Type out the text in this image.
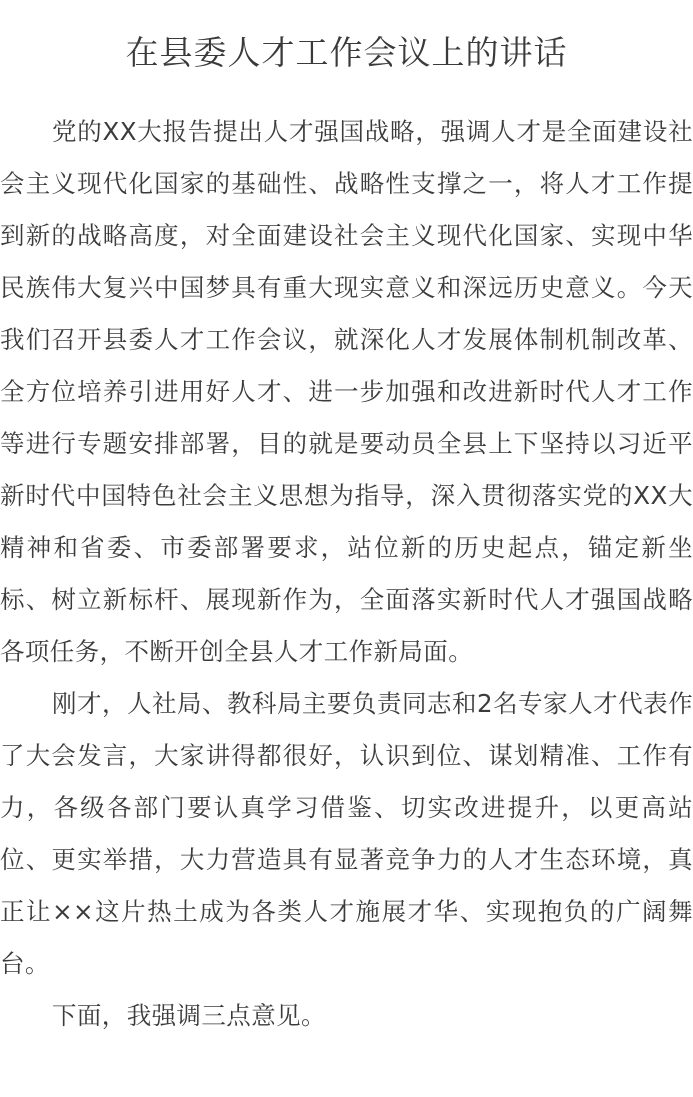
在县委人才工作会议上的讲话

党的XX大报告提出人才强国战略，强调人才是全面建设社会主义现代化国家的基础性、战略性支撑之一，将人才工作提到新的战略高度，对全面建设社会主义现代化国家、实现中华民族伟大复兴中国梦具有重大现实意义和深远历史意义。今天我们召开县委人才工作会议，就深化人才发展体制机制改革、全方位培养引进用好人才、进一步加强和改进新时代人才工作等进行专题安排部署，目的就是要动员全县上下坚持以习近平新时代中国特色社会主义思想为指导，深入贯彻落实党的XX大精神和省委、市委部署要求，站位新的历史起点，锚定新坐标、树立新标杆、展现新作为，全面落实新时代人才强国战略各项任务，不断开创全县人才工作新局面。

刚才，人社局、教科局主要负责同志和2名专家人才代表作了大会发言，大家讲得都很好，认识到位、谋划精准、工作有力，各级各部门要认真学习借鉴、切实改进提升，以更高站位、更实举措，大力营造具有显著竞争力的人才生态环境，真正让××这片热土成为各类人才施展才华、实现抱负的广阔舞台。

下面，我强调三点意见。
